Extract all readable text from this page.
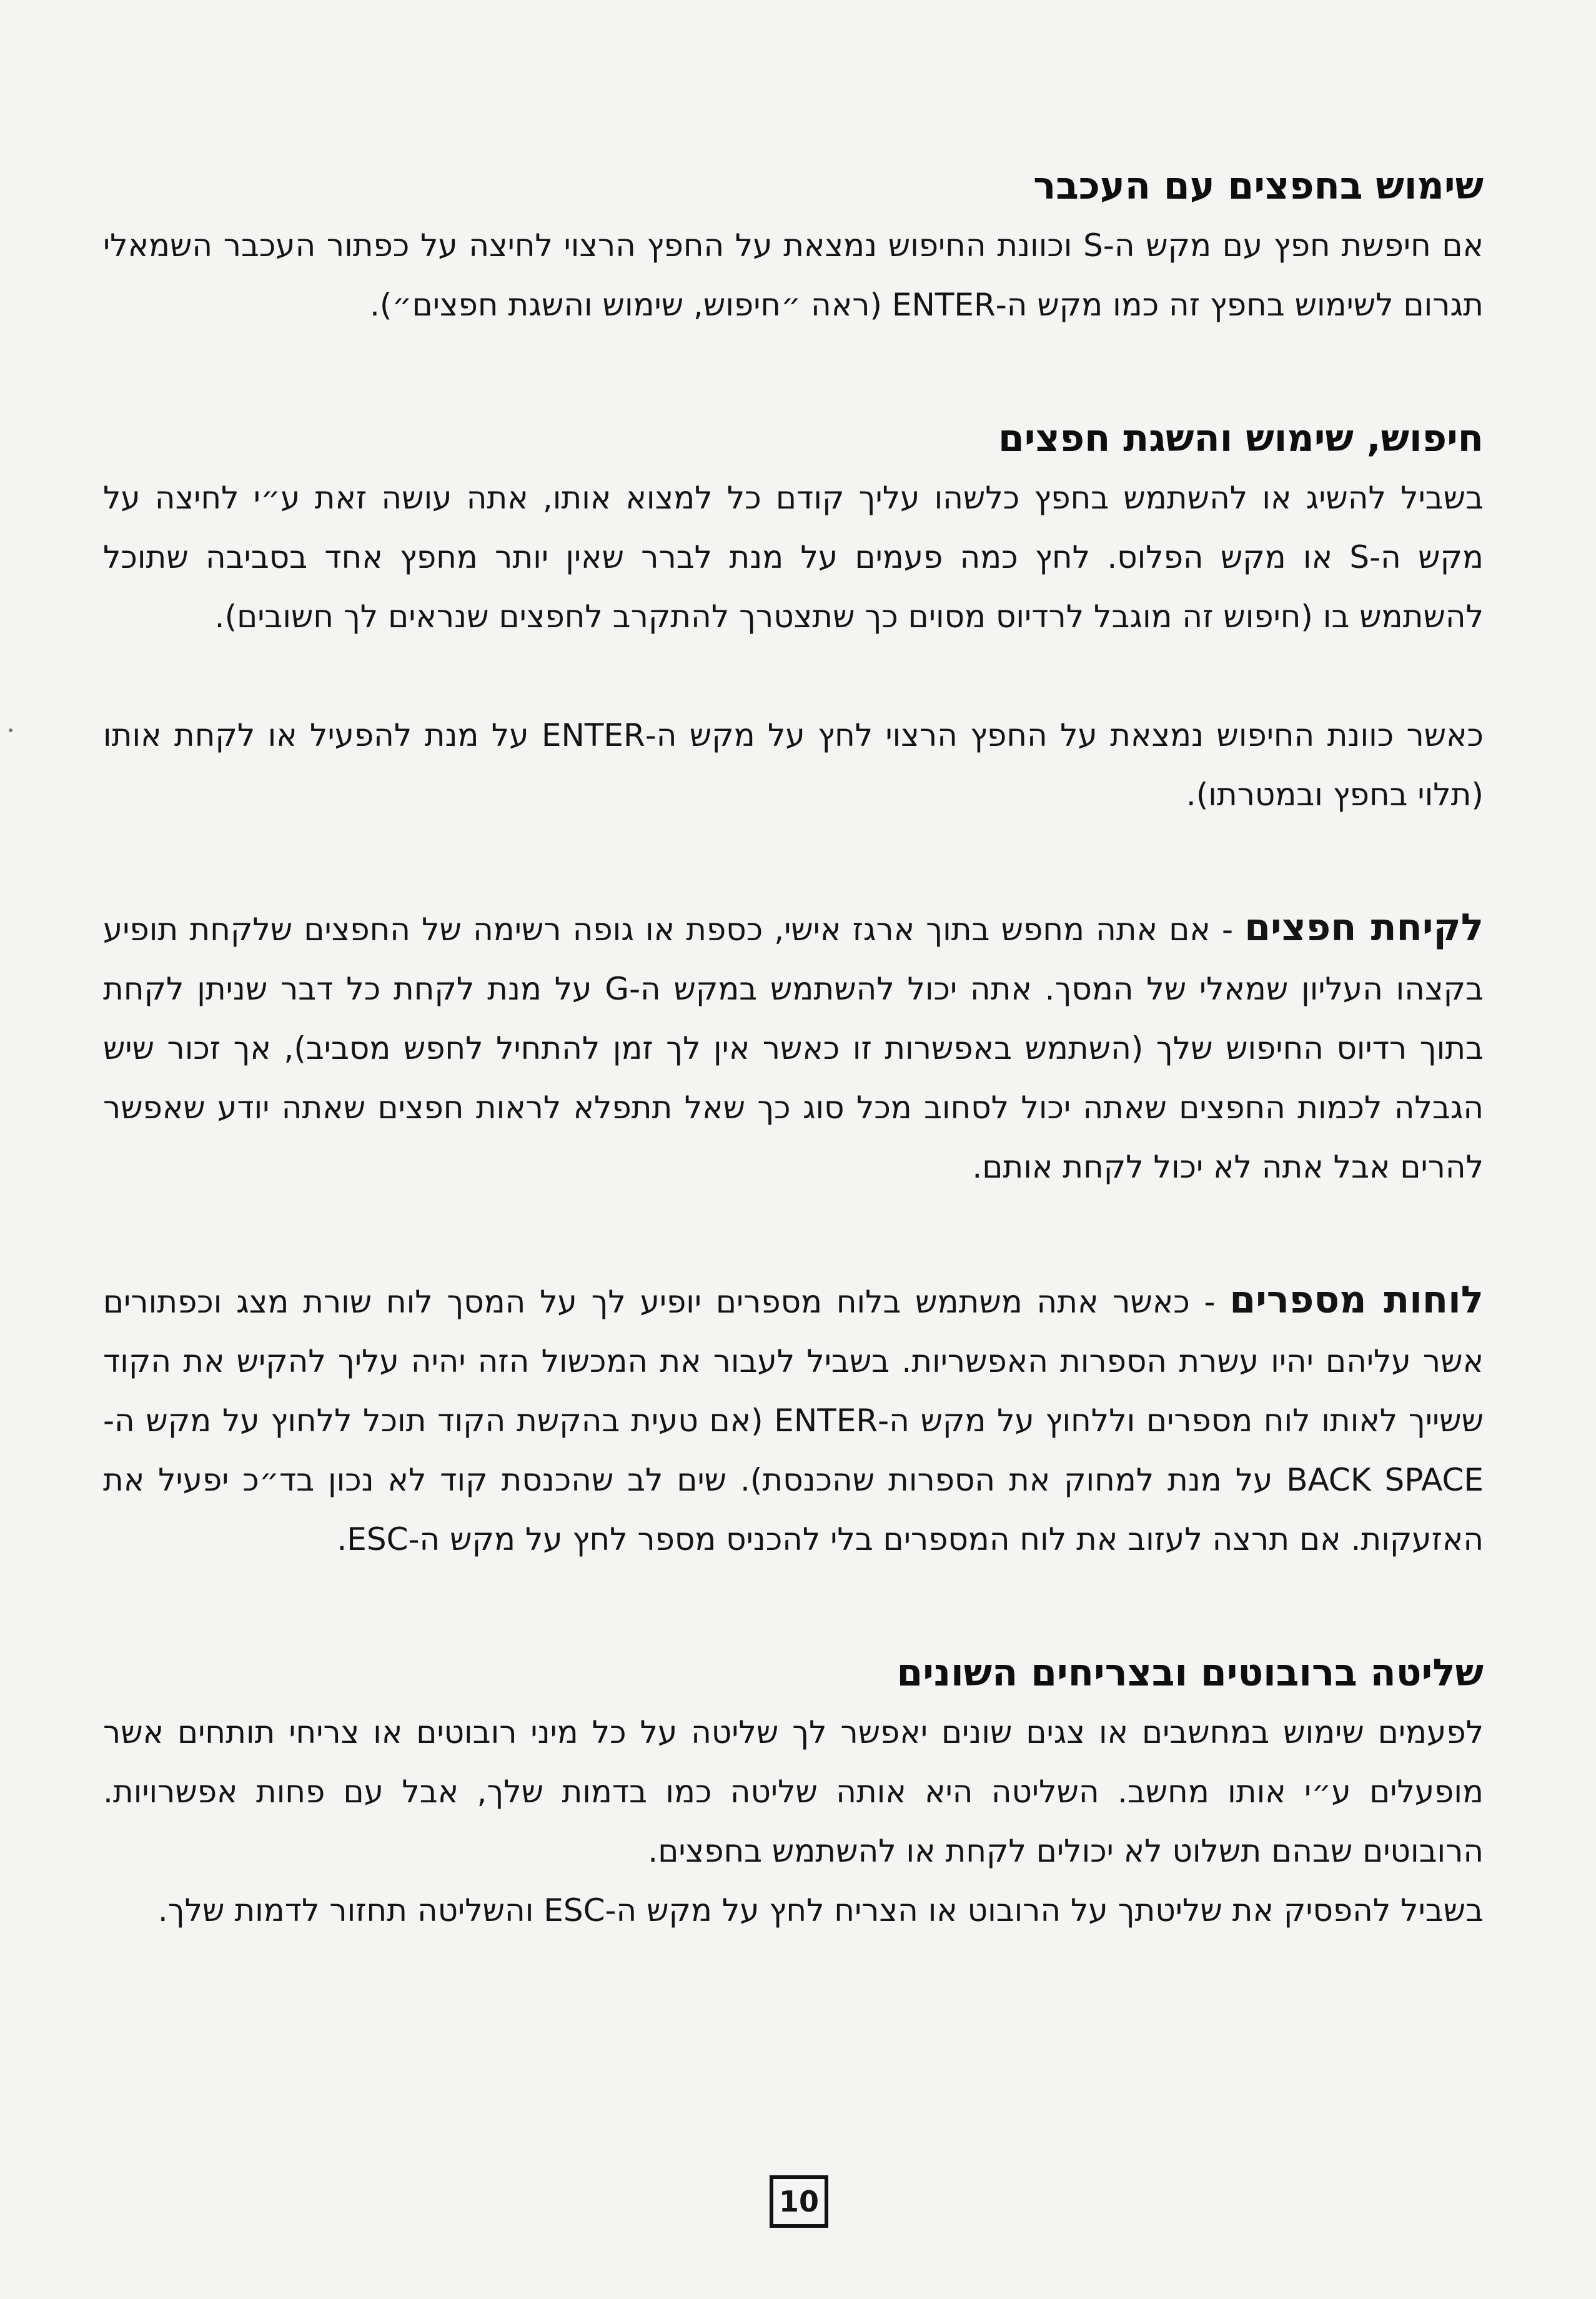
שימוש בחפצים עם העכבר

אם חיפשת חפץ עם מקש ה-S וכוונת החיפוש נמצאת על החפץ הרצוי לחיצה על כפתור העכבר השמאלי תגרום לשימוש בחפץ זה כמו מקש ה-ENTER (ראה ״חיפוש, שימוש והשגת חפצים״).

חיפוש, שימוש והשגת חפצים

בשביל להשיג או להשתמש בחפץ כלשהו עליך קודם כל למצוא אותו, אתה עושה זאת ע״י לחיצה על מקש ה-S או מקש הפלוס. לחץ כמה פעמים על מנת לברר שאין יותר מחפץ אחד בסביבה שתוכל להשתמש בו (חיפוש זה מוגבל לרדיוס מסוים כך שתצטרך להתקרב לחפצים שנראים לך חשובים).

כאשר כוונת החיפוש נמצאת על החפץ הרצוי לחץ על מקש ה-ENTER על מנת להפעיל או לקחת אותו (תלוי בחפץ ובמטרתו).

לקיחת חפצים - אם אתה מחפש בתוך ארגז אישי, כספת או גופה רשימה של החפצים שלקחת תופיע בקצהו העליון שמאלי של המסך. אתה יכול להשתמש במקש ה-G על מנת לקחת כל דבר שניתן לקחת בתוך רדיוס החיפוש שלך (השתמש באפשרות זו כאשר אין לך זמן להתחיל לחפש מסביב), אך זכור שיש הגבלה לכמות החפצים שאתה יכול לסחוב מכל סוג כך שאל תתפלא לראות חפצים שאתה יודע שאפשר להרים אבל אתה לא יכול לקחת אותם.

לוחות מספרים - כאשר אתה משתמש בלוח מספרים יופיע לך על המסך לוח שורת מצג וכפתורים אשר עליהם יהיו עשרת הספרות האפשריות. בשביל לעבור את המכשול הזה יהיה עליך להקיש את הקוד ששייך לאותו לוח מספרים וללחוץ על מקש ה-ENTER (אם טעית בהקשת הקוד תוכל ללחוץ על מקש ה-BACK SPACE על מנת למחוק את הספרות שהכנסת). שים לב שהכנסת קוד לא נכון בד״כ יפעיל את האזעקות. אם תרצה לעזוב את לוח המספרים בלי להכניס מספר לחץ על מקש ה-ESC.

שליטה ברובוטים ובצריחים השונים

לפעמים שימוש במחשבים או צגים שונים יאפשר לך שליטה על כל מיני רובוטים או צריחי תותחים אשר מופעלים ע״י אותו מחשב. השליטה היא אותה שליטה כמו בדמות שלך, אבל עם פחות אפשרויות. הרובוטים שבהם תשלוט לא יכולים לקחת או להשתמש בחפצים.

בשביל להפסיק את שליטתך על הרובוט או הצריח לחץ על מקש ה-ESC והשליטה תחזור לדמות שלך.

10
